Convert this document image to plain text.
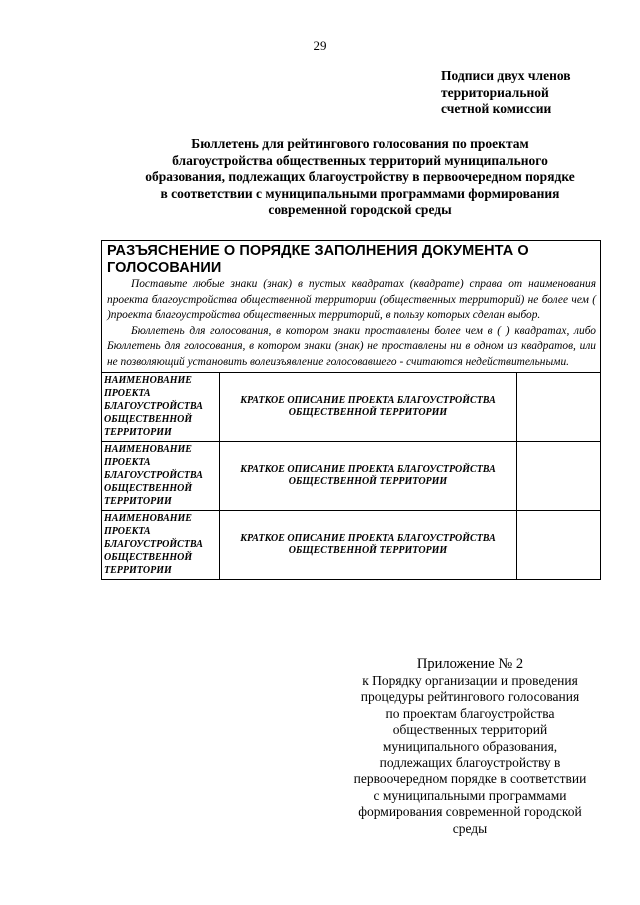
29
Подписи двух членов
территориальной
счетной комиссии
Бюллетень для рейтингового голосования по проектам
благоустройства общественных территорий муниципального
образования, подлежащих благоустройству в первоочередном порядке
в соответствии с муниципальными программами формирования
современной городской среды
РАЗЪЯСНЕНИЕ О ПОРЯДКЕ ЗАПОЛНЕНИЯ ДОКУМЕНТА О ГОЛОСОВАНИИ

Поставьте любые знаки (знак) в пустых квадратах (квадрате) справа от наименования проекта благоустройства общественной территории (общественных территорий) не более чем ( )проекта благоустройства общественных территорий, в пользу которых сделан выбор.

Бюллетень для голосования, в котором знаки проставлены более чем в ( ) квадратах, либо Бюллетень для голосования, в котором знаки (знак) не проставлены ни в одном из квадратов, или не позволяющий установить волеизъявление голосовавшего - считаются недействительными.

НАИМЕНОВАНИЕ ПРОЕКТА БЛАГОУСТРОЙСТВА ОБЩЕСТВЕННОЙ ТЕРРИТОРИИ
КРАТКОЕ ОПИСАНИЕ ПРОЕКТА БЛАГОУСТРОЙСТВА ОБЩЕСТВЕННОЙ ТЕРРИТОРИИ
НАИМЕНОВАНИЕ ПРОЕКТА БЛАГОУСТРОЙСТВА ОБЩЕСТВЕННОЙ ТЕРРИТОРИИ
КРАТКОЕ ОПИСАНИЕ ПРОЕКТА БЛАГОУСТРОЙСТВА ОБЩЕСТВЕННОЙ ТЕРРИТОРИИ
НАИМЕНОВАНИЕ ПРОЕКТА БЛАГОУСТРОЙСТВА ОБЩЕСТВЕННОЙ ТЕРРИТОРИИ
КРАТКОЕ ОПИСАНИЕ ПРОЕКТА БЛАГОУСТРОЙСТВА ОБЩЕСТВЕННОЙ ТЕРРИТОРИИ
Приложение № 2
к Порядку организации и проведения
процедуры рейтингового голосования
по проектам благоустройства
общественных территорий
муниципального образования,
подлежащих благоустройству в
первоочередном порядке в соответствии
с муниципальными программами
формирования современной городской
среды
